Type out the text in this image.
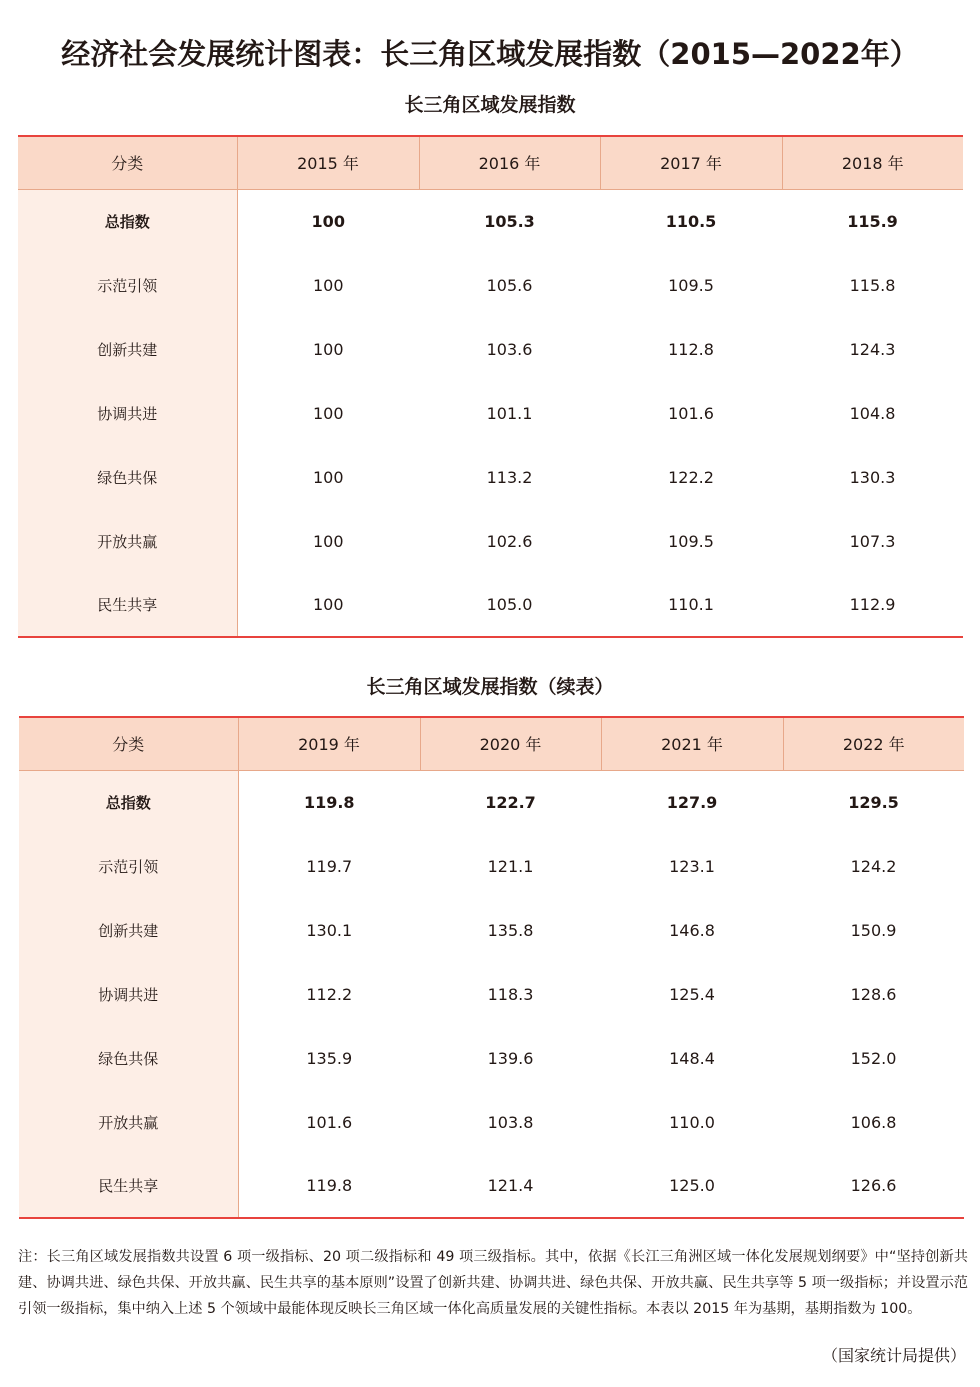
经济社会发展统计图表：长三角区域发展指数（2015—2022年）
长三角区域发展指数
分类	2015 年	2016 年	2017 年	2018 年
总指数	100	105.3	110.5	115.9
示范引领	100	105.6	109.5	115.8
创新共建	100	103.6	112.8	124.3
协调共进	100	101.1	101.6	104.8
绿色共保	100	113.2	122.2	130.3
开放共赢	100	102.6	109.5	107.3
民生共享	100	105.0	110.1	112.9
长三角区域发展指数（续表）
分类	2019 年	2020 年	2021 年	2022 年
总指数	119.8	122.7	127.9	129.5
示范引领	119.7	121.1	123.1	124.2
创新共建	130.1	135.8	146.8	150.9
协调共进	112.2	118.3	125.4	128.6
绿色共保	135.9	139.6	148.4	152.0
开放共赢	101.6	103.8	110.0	106.8
民生共享	119.8	121.4	125.0	126.6
注：长三角区域发展指数共设置 6 项一级指标、20 项二级指标和 49 项三级指标。其中，依据《长江三角洲区域一体化发展规划纲要》中“坚持创新共建、协调共进、绿色共保、开放共赢、民生共享的基本原则”设置了创新共建、协调共进、绿色共保、开放共赢、民生共享等 5 项一级指标；并设置示范引领一级指标，集中纳入上述 5 个领域中最能体现反映长三角区域一体化高质量发展的关键性指标。本表以 2015 年为基期，基期指数为 100。
（国家统计局提供）
